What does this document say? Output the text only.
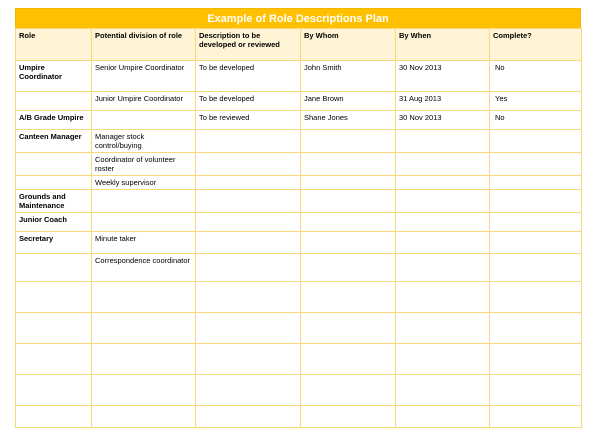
Example of Role Descriptions Plan
Role	Potential division of role	Description to be developed or reviewed	By Whom	By When	Complete?
Umpire Coordinator	Senior Umpire Coordinator	To be developed	John Smith	30 Nov 2013	No
	Junior Umpire Coordinator	To be developed	Jane Brown	31 Aug 2013	Yes
A/B Grade Umpire		To be reviewed	Shane Jones	30 Nov 2013	No
Canteen Manager	Manager stock control/buying				
	Coordinator of volunteer roster				
	Weekly supervisor				
Grounds and Maintenance					
Junior Coach					
Secretary	Minute taker				
	Correspondence coordinator				
